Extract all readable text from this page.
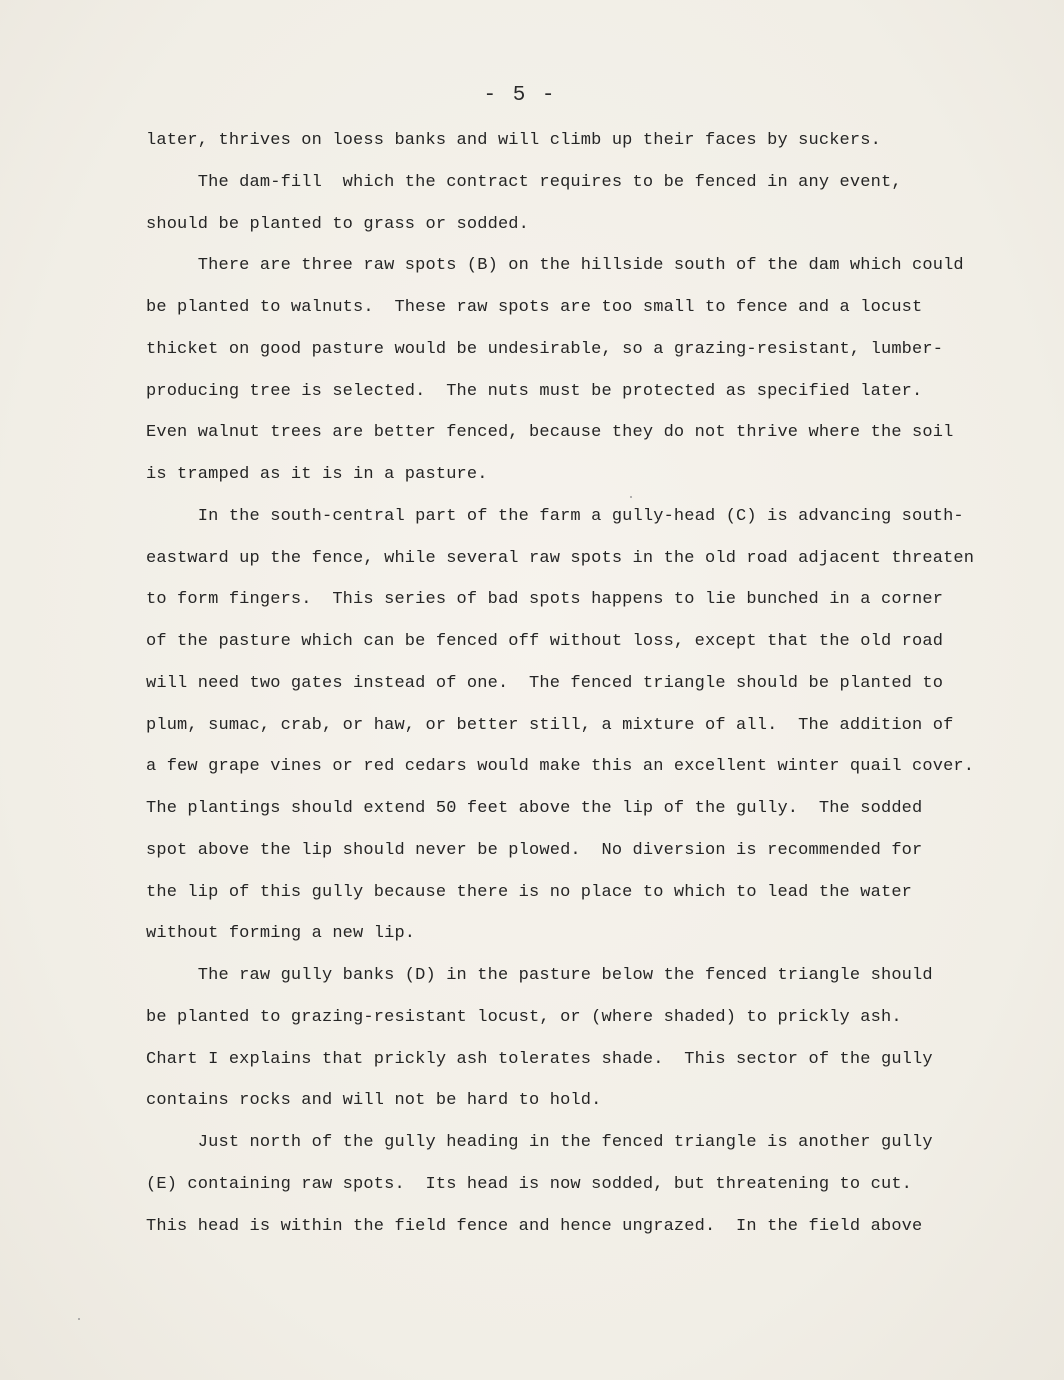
- 5 -
later, thrives on loess banks and will climb up their faces by suckers.
The dam-fill  which the contract requires to be fenced in any event,
should be planted to grass or sodded.
There are three raw spots (B) on the hillside south of the dam which could
be planted to walnuts.  These raw spots are too small to fence and a locust
thicket on good pasture would be undesirable, so a grazing-resistant, lumber-
producing tree is selected.  The nuts must be protected as specified later.
Even walnut trees are better fenced, because they do not thrive where the soil
is tramped as it is in a pasture.
In the south-central part of the farm a gully-head (C) is advancing south-
eastward up the fence, while several raw spots in the old road adjacent threaten
to form fingers.  This series of bad spots happens to lie bunched in a corner
of the pasture which can be fenced off without loss, except that the old road
will need two gates instead of one.  The fenced triangle should be planted to
plum, sumac, crab, or haw, or better still, a mixture of all.  The addition of
a few grape vines or red cedars would make this an excellent winter quail cover.
The plantings should extend 50 feet above the lip of the gully.  The sodded
spot above the lip should never be plowed.  No diversion is recommended for
the lip of this gully because there is no place to which to lead the water
without forming a new lip.
The raw gully banks (D) in the pasture below the fenced triangle should
be planted to grazing-resistant locust, or (where shaded) to prickly ash.
Chart I explains that prickly ash tolerates shade.  This sector of the gully
contains rocks and will not be hard to hold.
Just north of the gully heading in the fenced triangle is another gully
(E) containing raw spots.  Its head is now sodded, but threatening to cut.
This head is within the field fence and hence ungrazed.  In the field above
